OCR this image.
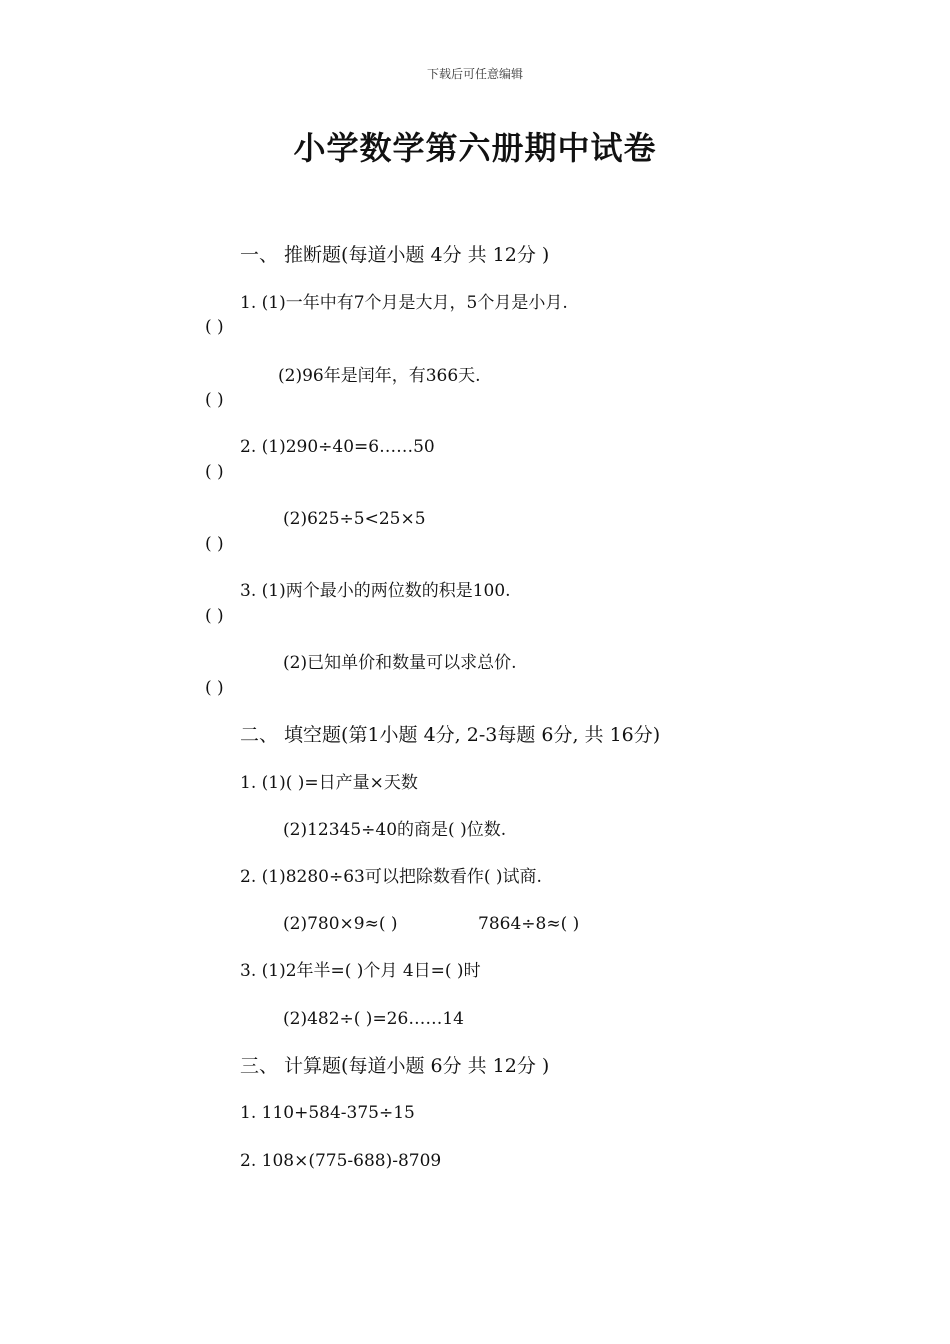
下载后可任意编辑
小学数学第六册期中试卷
一、 推断题(每道小题 4分 共 12分 )
1. (1)一年中有7个月是大月，5个月是小月.
( )
(2)96年是闰年，有366天.
( )
2. (1)290÷40=6……50
( )
(2)625÷5<25×5
( )
3. (1)两个最小的两位数的积是100.
( )
(2)已知单价和数量可以求总价.
( )
二、 填空题(第1小题 4分, 2-3每题 6分, 共 16分)
1. (1)( )=日产量×天数
(2)12345÷40的商是( )位数.
2. (1)8280÷63可以把除数看作( )试商.
(2)780×9≈( )	7864÷8≈( )
3. (1)2年半=( )个月 4日=( )时
(2)482÷( )=26……14
三、 计算题(每道小题 6分 共 12分 )
1. 110+584-375÷15
2. 108×(775-688)-8709
